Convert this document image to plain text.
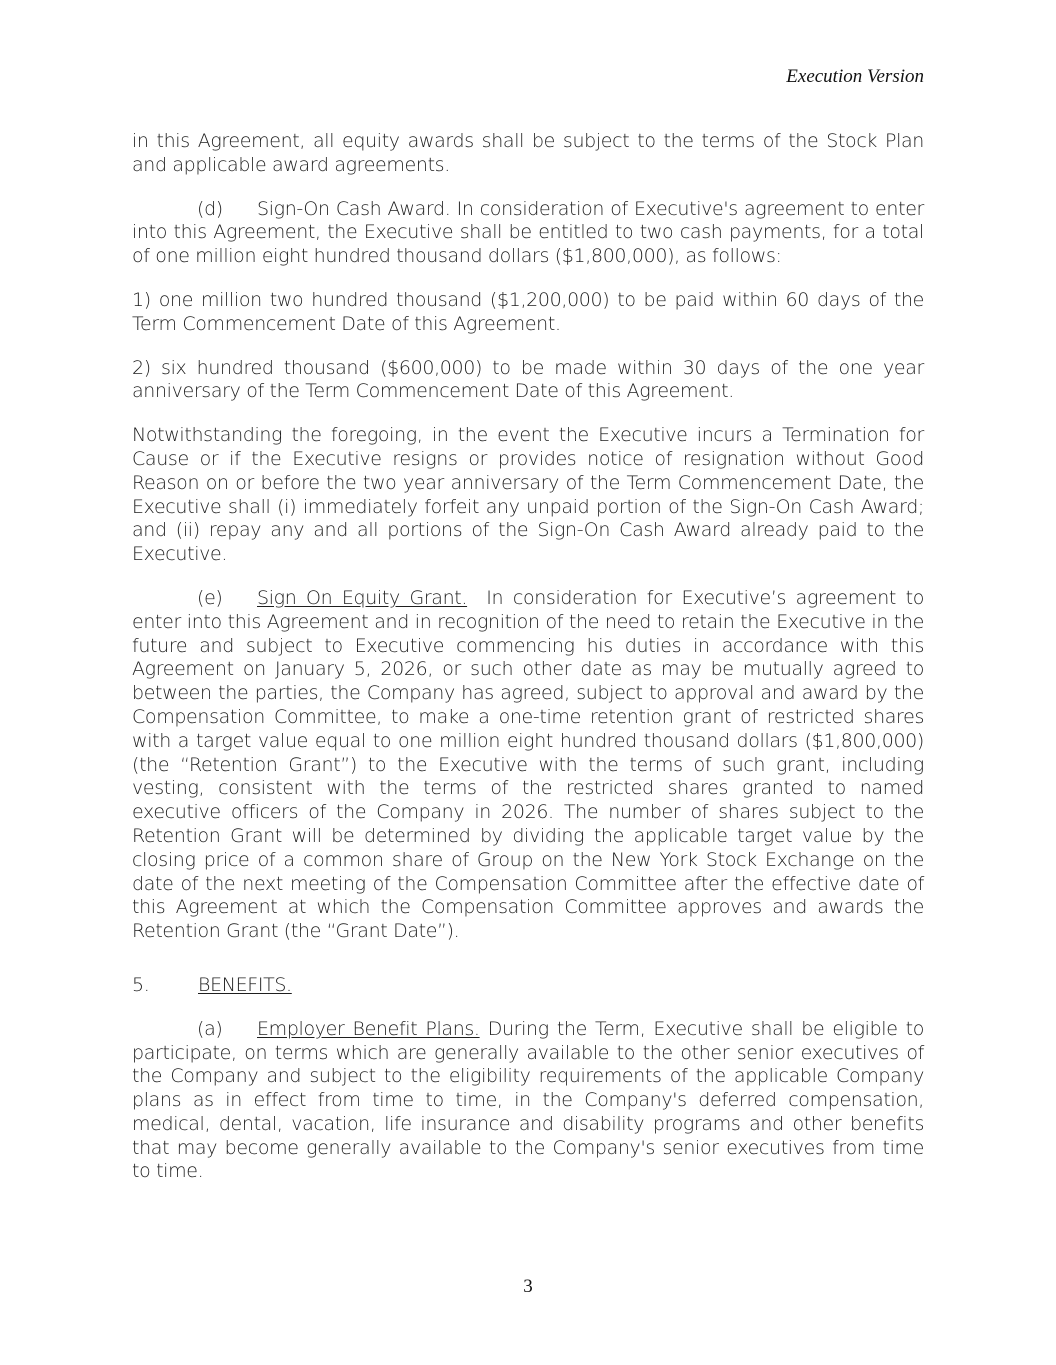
Execution Version

in this Agreement, all equity awards shall be subject to the terms of the Stock Plan and applicable award agreements.

(d) Sign-On Cash Award. In consideration of Executive's agreement to enter into this Agreement, the Executive shall be entitled to two cash payments, for a total of one million eight hundred thousand dollars ($1,800,000), as follows:

1) one million two hundred thousand ($1,200,000) to be paid within 60 days of the Term Commencement Date of this Agreement.

2) six hundred thousand ($600,000) to be made within 30 days of the one year anniversary of the Term Commencement Date of this Agreement.

Notwithstanding the foregoing, in the event the Executive incurs a Termination for Cause or if the Executive resigns or provides notice of resignation without Good Reason on or before the two year anniversary of the Term Commencement Date, the Executive shall (i) immediately forfeit any unpaid portion of the Sign-On Cash Award; and (ii) repay any and all portions of the Sign-On Cash Award already paid to the Executive.

(e) Sign On Equity Grant. In consideration for Executive’s agreement to enter into this Agreement and in recognition of the need to retain the Executive in the future and subject to Executive commencing his duties in accordance with this Agreement on January 5, 2026, or such other date as may be mutually agreed to between the parties, the Company has agreed, subject to approval and award by the Compensation Committee, to make a one-time retention grant of restricted shares with a target value equal to one million eight hundred thousand dollars ($1,800,000) (the “Retention Grant”) to the Executive with the terms of such grant, including vesting, consistent with the terms of the restricted shares granted to named executive officers of the Company in 2026. The number of shares subject to the Retention Grant will be determined by dividing the applicable target value by the closing price of a common share of Group on the New York Stock Exchange on the date of the next meeting of the Compensation Committee after the effective date of this Agreement at which the Compensation Committee approves and awards the Retention Grant (the “Grant Date”).

5.	BENEFITS.

(a) Employer Benefit Plans. During the Term, Executive shall be eligible to participate, on terms which are generally available to the other senior executives of the Company and subject to the eligibility requirements of the applicable Company plans as in effect from time to time, in the Company's deferred compensation, medical, dental, vacation, life insurance and disability programs and other benefits that may become generally available to the Company's senior executives from time to time.

3
